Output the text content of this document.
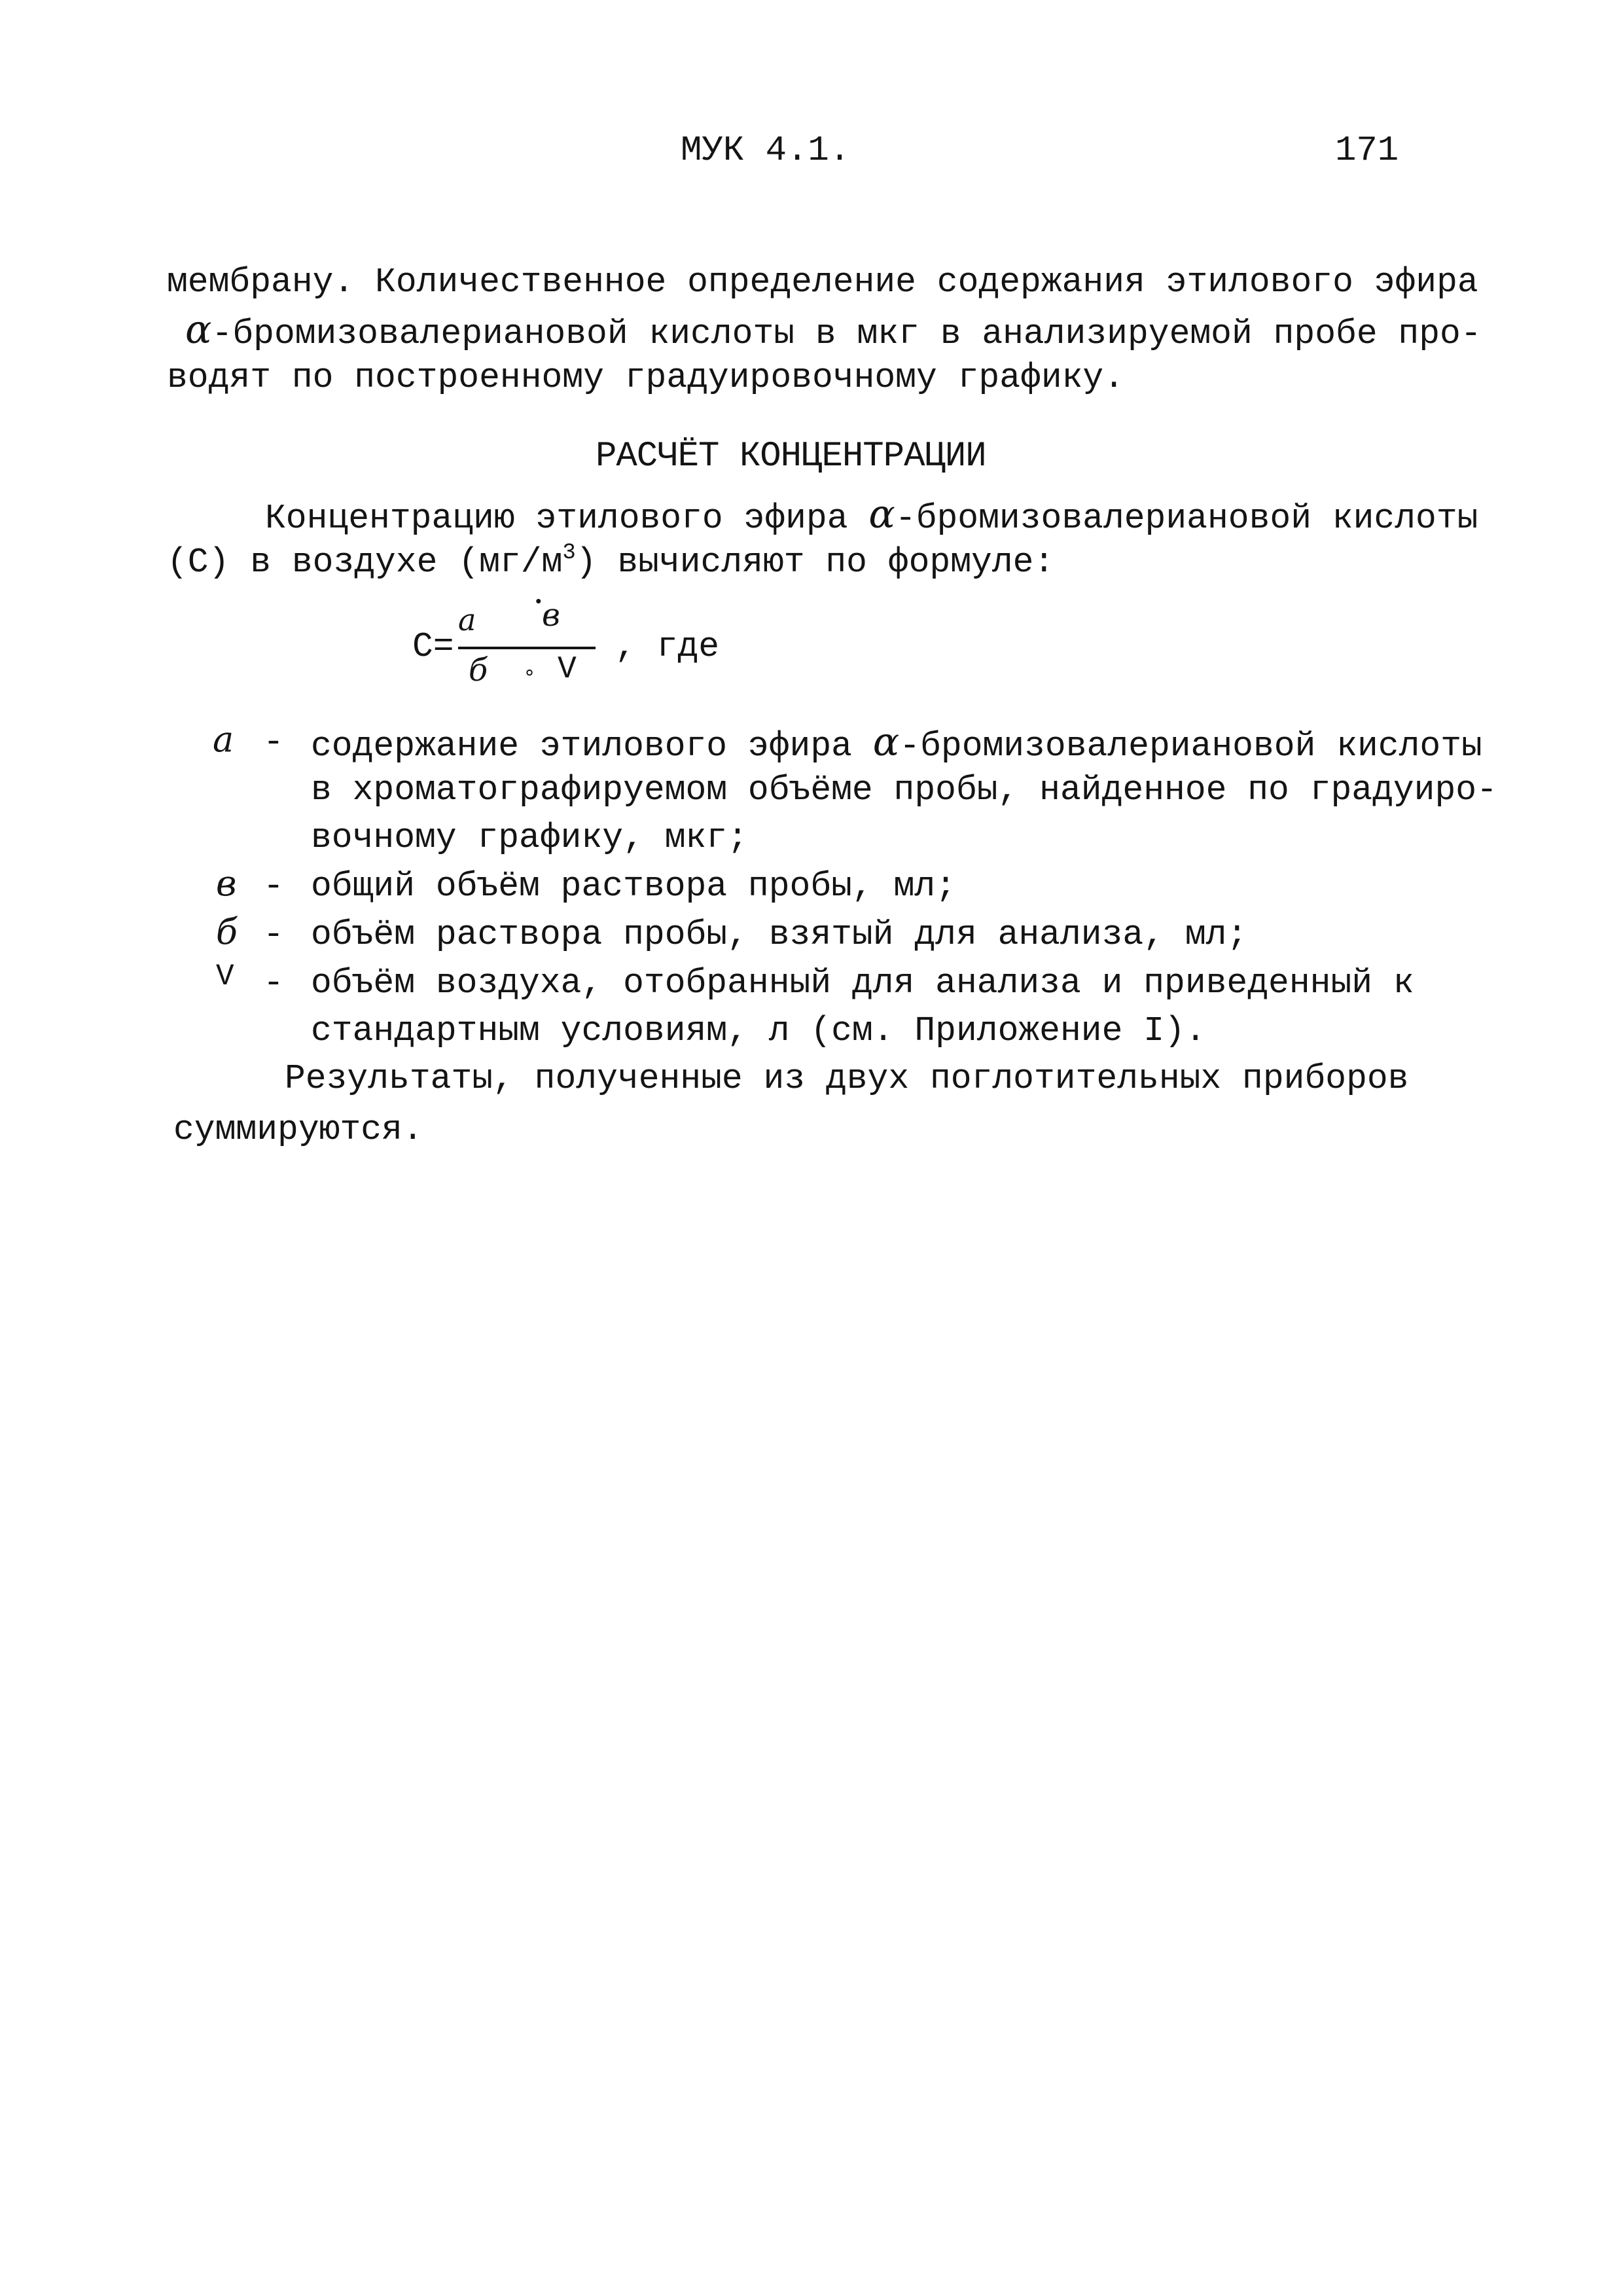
МУК 4.1.	171
мембрану. Количественное определение содержания этилового эфира
α-бромизовалериановой кислоты в мкг в анализируемой пробе про-
водят по построенному градуировочному графику.
РАСЧЁТ КОНЦЕНТРАЦИИ
Концентрацию этилового эфира α-бромизовалериановой кислоты
(С) в воздухе $(мг/м^3)$ вычисляют по формуле:
С=
а	•
в
б ∘ V
, где
а - содержание этилового эфира α-бромизовалериановой кислоты
в хроматографируемом объёме пробы, найденное по градуиро-
вочному графику, мкг;
в - общий объём раствора пробы, мл;
б - объём раствора пробы, взятый для анализа, мл;
V - объём воздуха, отобранный для анализа и приведенный к
стандартным условиям, л (см. Приложение I).
Результаты, полученные из двух поглотительных приборов
суммируются.
